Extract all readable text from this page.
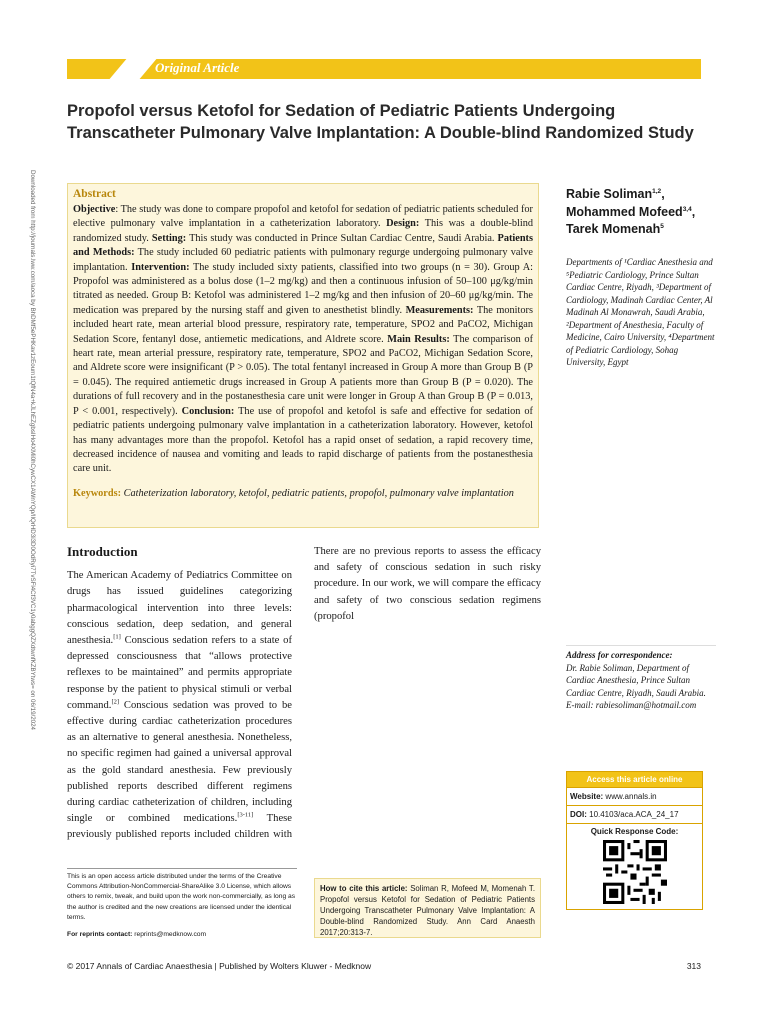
Original Article
Propofol versus Ketofol for Sedation of Pediatric Patients Undergoing Transcatheter Pulmonary Valve Implantation: A Double-blind Randomized Study
Downloaded from http://journals.lww.com/aoca by BhDMf5ePHKav1zEoum1tQfN4a+kJLhEZgbsIHo4XMi0hCywCX1AWnYQp/IlQrHD3i3D0OdRyi7TvSFl4Cf3VC1y0abggQZXdtwnfKZBYtws= on 06/19/2024	Abstract

Objective: The study was done to compare propofol and ketofol for sedation of pediatric patients scheduled for elective pulmonary valve implantation in a catheterization laboratory. Design: This was a double-blind randomized study. Setting: This study was conducted in Prince Sultan Cardiac Centre, Saudi Arabia. Patients and Methods: The study included 60 pediatric patients with pulmonary regurge undergoing pulmonary valve implantation. Intervention: The study included sixty patients, classified into two groups (n = 30). Group A: Propofol was administered as a bolus dose (1–2 mg/kg) and then a continuous infusion of 50–100 μg/kg/min titrated as needed. Group B: Ketofol was administered 1–2 mg/kg and then infusion of 20–60 μg/kg/min. The medication was prepared by the nursing staff and given to anesthetist blindly. Measurements: The monitors included heart rate, mean arterial blood pressure, respiratory rate, temperature, SPO2 and PaCO2, Michigan Sedation Score, fentanyl dose, antiemetic medications, and Aldrete score. Main Results: The comparison of heart rate, mean arterial pressure, respiratory rate, temperature, SPO2 and PaCO2, Michigan Sedation Score, and Aldrete score were insignificant (P > 0.05). The total fentanyl increased in Group A more than Group B (P = 0.045). The required antiemetic drugs increased in Group A patients more than Group B (P = 0.020). The durations of full recovery and in the postanesthesia care unit were longer in Group A than Group B (P = 0.013, P < 0.001, respectively). Conclusion: The use of propofol and ketofol is safe and effective for sedation of pediatric patients undergoing pulmonary valve implantation in a catheterization laboratory. However, ketofol has many advantages more than the propofol. Ketofol has a rapid onset of sedation, a rapid recovery time, decreased incidence of nausea and vomiting and leads to rapid discharge of patients from the postanesthesia care unit.

Keywords: Catheterization laboratory, ketofol, pediatric patients, propofol, pulmonary valve implantation
Rabie Soliman$^{1,2}$,
Mohammed Mofeed$^{3,4}$,
Tarek Momenah$^5$
Departments of ¹Cardiac Anesthesia and ⁵Pediatric Cardiology, Prince Sultan Cardiac Centre, Riyadh, ³Department of Cardiology, Madinah Cardiac Center, Al Madinah Al Monawrah, Saudi Arabia, ²Department of Anesthesia, Faculty of Medicine, Cairo University, ⁴Department of Pediatric Cardiology, Sohag University, Egypt
Address for correspondence:
Dr. Rabie Soliman, Department of Cardiac Anesthesia, Prince Sultan Cardiac Centre, Riyadh, Saudi Arabia. E-mail: rabiesoliman@hotmail.com
Access this article online
Website: www.annals.in
DOI: 10.4103/aca.ACA_24_17
Quick Response Code:
Introduction

The American Academy of Pediatrics Committee on drugs has issued guidelines categorizing pharmacological intervention into three levels: conscious sedation, deep sedation, and general anesthesia.[1] Conscious sedation refers to a state of depressed consciousness that “allows protective reflexes to be maintained” and permits appropriate response by the patient to physical stimuli or verbal command.[2] Conscious sedation was proved to be effective during cardiac catheterization procedures as an alternative to general anesthesia. Nonetheless, no specific regimen had gained a universal approval as the gold standard anesthesia. Few previously published reports described different regimens during cardiac catheterization of children, including single or combined medications.[3-11] These previously published reports included children with

There are no previous reports to assess the efficacy and safety of conscious sedation in such risky procedure. In our work, we will compare the efficacy and safety of two conscious sedation regimens (propofol

This is an open access article distributed under the terms of the Creative Commons Attribution-NonCommercial-ShareAlike 3.0 License, which allows others to remix, tweak, and build upon the work non-commercially, as long as the author is credited and the new creations are licensed under the identical terms.
For reprints contact: reprints@medknow.com
How to cite this article: Soliman R, Mofeed M, Momenah T. Propofol versus Ketofol for Sedation of Pediatric Patients Undergoing Transcatheter Pulmonary Valve Implantation: A Double-blind Randomized Study. Ann Card Anaesth 2017;20:313-7.
© 2017 Annals of Cardiac Anaesthesia | Published by Wolters Kluwer - Medknow	313
